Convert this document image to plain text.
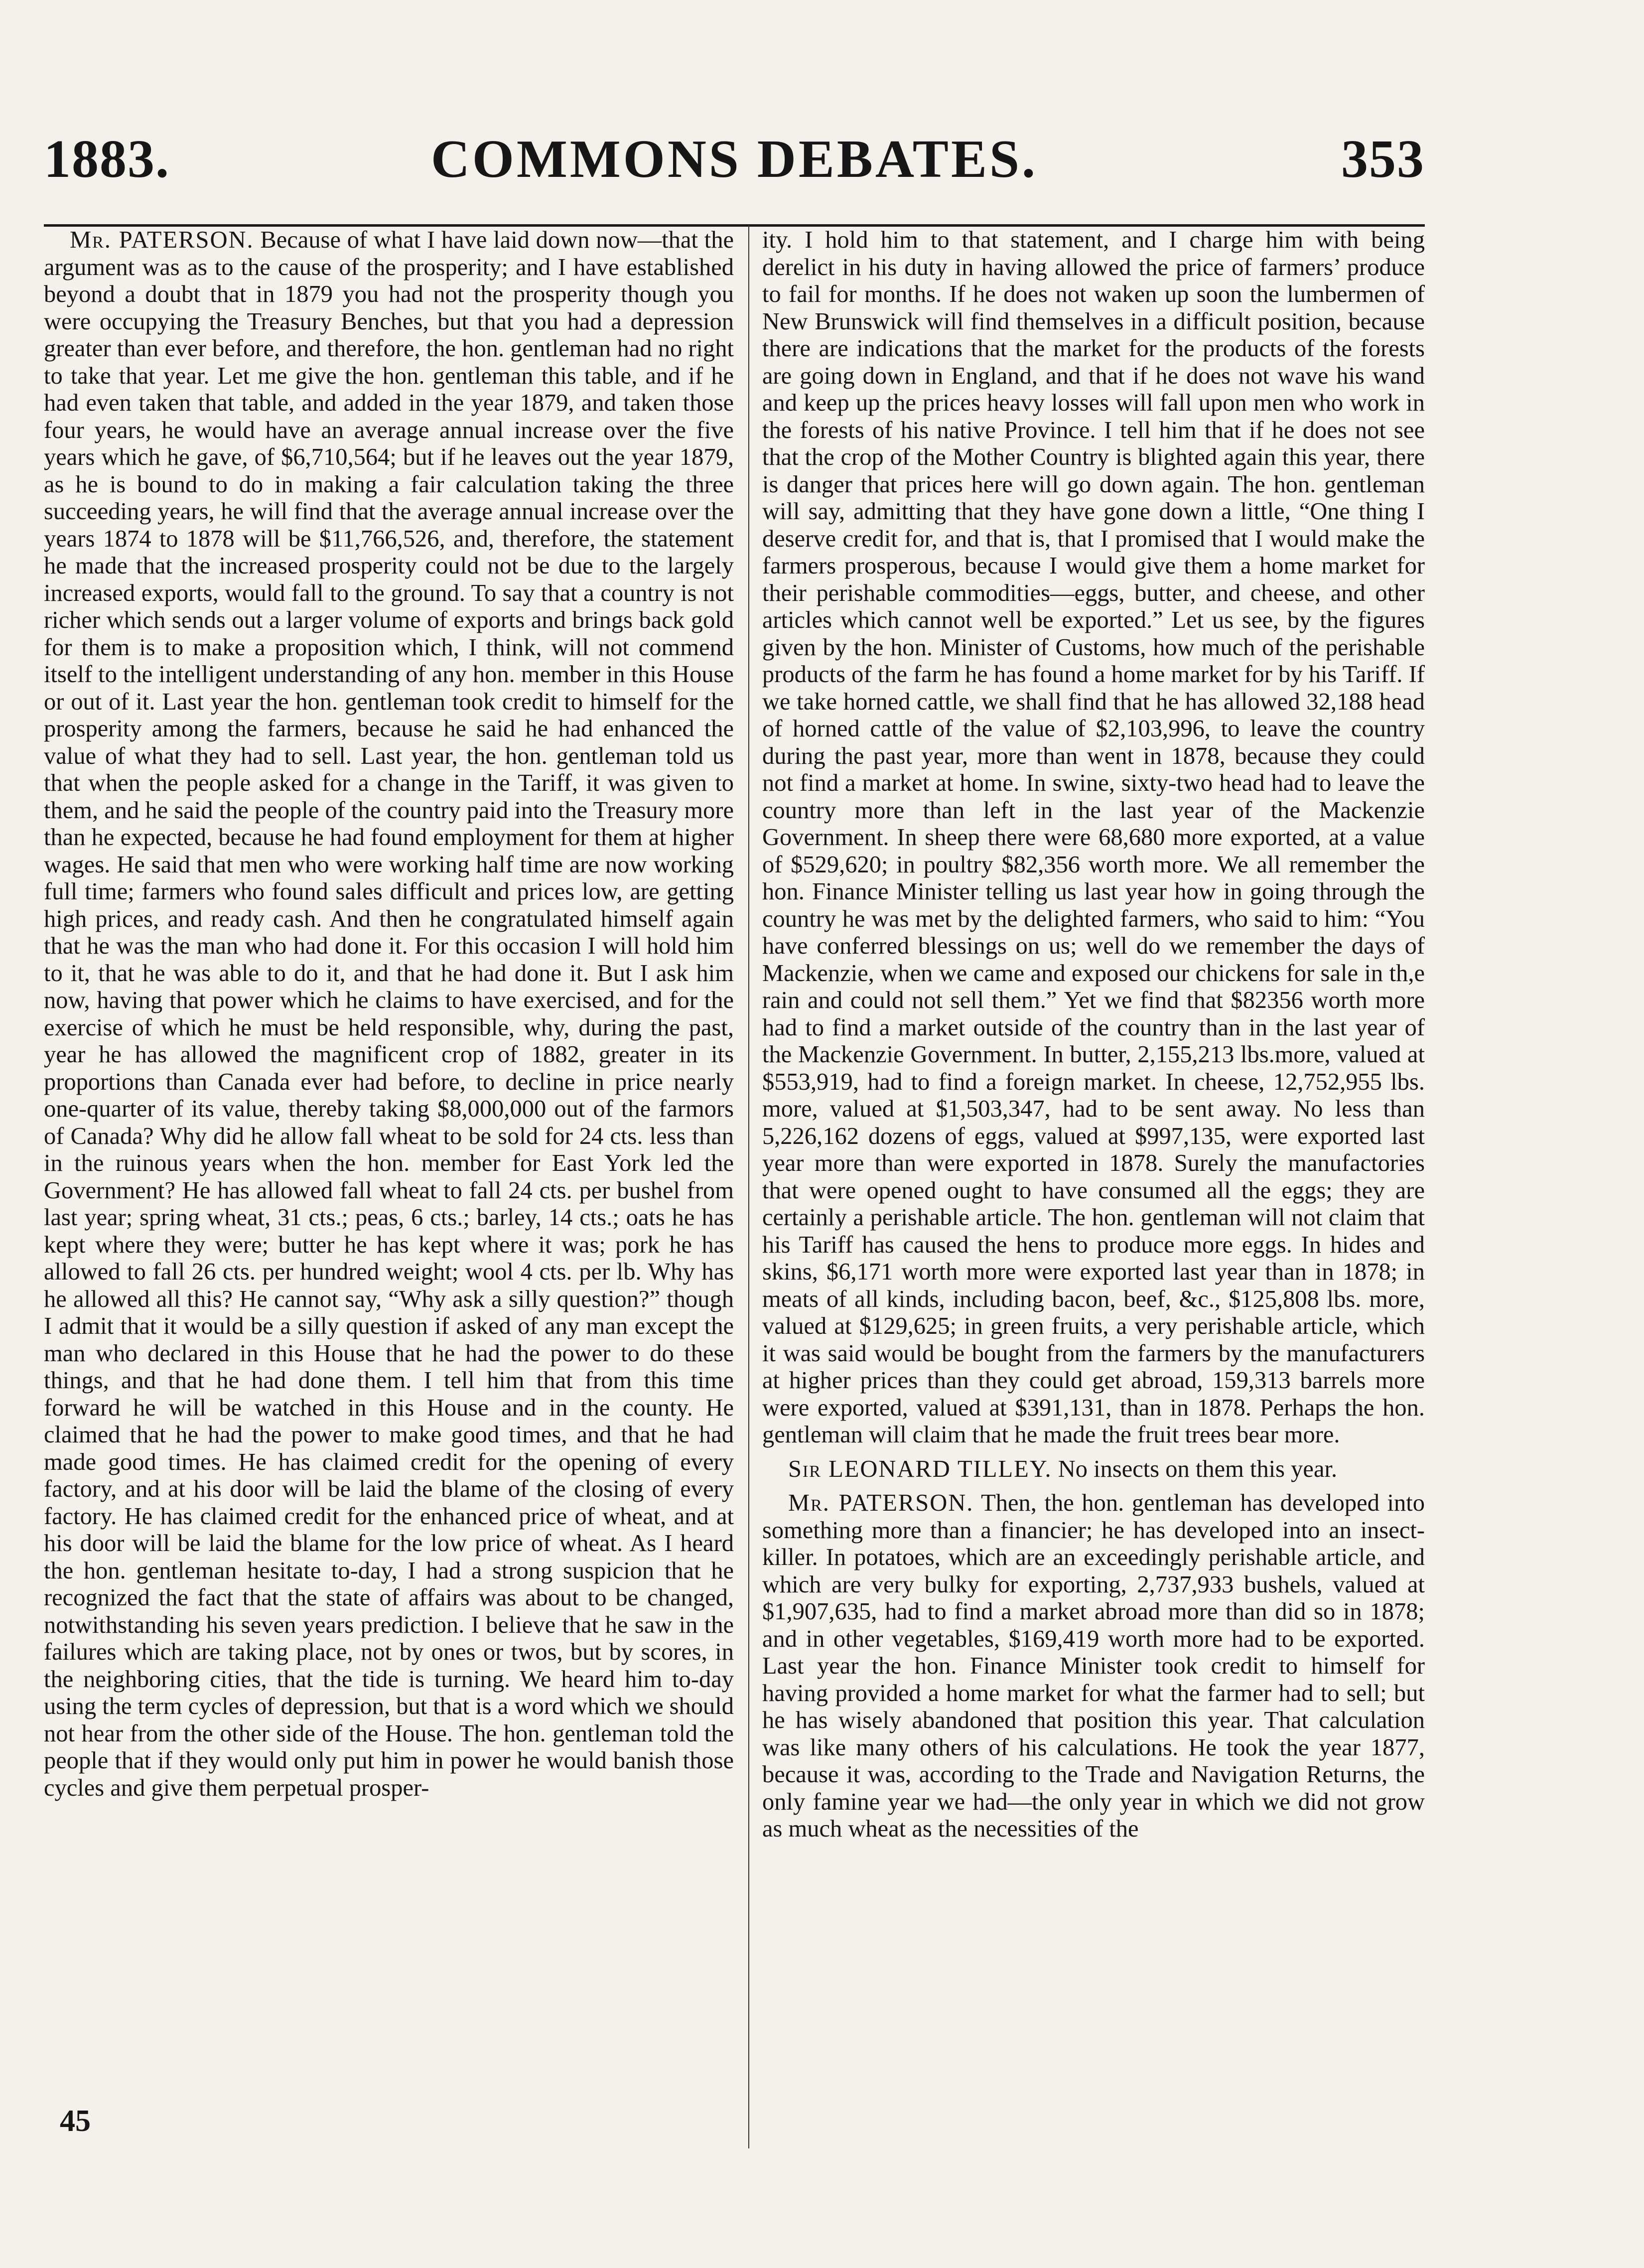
1883.	COMMONS DEBATES.	353

Mr. PATERSON. Because of what I have laid down now—that the argument was as to the cause of the prosperity; and I have established beyond a doubt that in 1879 you had not the prosperity though you were occupying the Treasury Benches, but that you had a depression greater than ever before, and therefore, the hon. gentleman had no right to take that year. Let me give the hon. gentleman this table, and if he had even taken that table, and added in the year 1879, and taken those four years, he would have an average annual increase over the five years which he gave, of $6,710,564; but if he leaves out the year 1879, as he is bound to do in making a fair calculation taking the three succeeding years, he will find that the average annual increase over the years 1874 to 1878 will be $11,766,526, and, therefore, the statement he made that the increased prosperity could not be due to the largely increased exports, would fall to the ground. To say that a country is not richer which sends out a larger volume of exports and brings back gold for them is to make a proposition which, I think, will not commend itself to the intelligent understanding of any hon. member in this House or out of it. Last year the hon. gentleman took credit to himself for the prosperity among the farmers, because he said he had enhanced the value of what they had to sell. Last year, the hon. gentleman told us that when the people asked for a change in the Tariff, it was given to them, and he said the people of the country paid into the Treasury more than he expected, because he had found employment for them at higher wages. He said that men who were working half time are now working full time; farmers who found sales difficult and prices low, are getting high prices, and ready cash. And then he congratulated himself again that he was the man who had done it. For this occasion I will hold him to it, that he was able to do it, and that he had done it. But I ask him now, having that power which he claims to have exercised, and for the exercise of which he must be held responsible, why, during the past, year he has allowed the magnificent crop of 1882, greater in its proportions than Canada ever had before, to decline in price nearly one-quarter of its value, thereby taking $8,000,000 out of the farmors of Canada? Why did he allow fall wheat to be sold for 24 cts. less than in the ruinous years when the hon. member for East York led the Government? He has allowed fall wheat to fall 24 cts. per bushel from last year; spring wheat, 31 cts.; peas, 6 cts.; barley, 14 cts.; oats he has kept where they were; butter he has kept where it was; pork he has allowed to fall 26 cts. per hundred weight; wool 4 cts. per lb. Why has he allowed all this? He cannot say, “Why ask a silly question?” though I admit that it would be a silly question if asked of any man except the man who declared in this House that he had the power to do these things, and that he had done them. I tell him that from this time forward he will be watched in this House and in the county. He claimed that he had the power to make good times, and that he had made good times. He has claimed credit for the opening of every factory, and at his door will be laid the blame of the closing of every factory. He has claimed credit for the enhanced price of wheat, and at his door will be laid the blame for the low price of wheat. As I heard the hon. gentleman hesitate to-day, I had a strong suspicion that he recognized the fact that the state of affairs was about to be changed, notwithstanding his seven years prediction. I believe that he saw in the failures which are taking place, not by ones or twos, but by scores, in the neighboring cities, that the tide is turning. We heard him to-day using the term cycles of depression, but that is a word which we should not hear from the other side of the House. The hon. gentleman told the people that if they would only put him in power he would banish those cycles and give them perpetual prosper-

ity. I hold him to that statement, and I charge him with being derelict in his duty in having allowed the price of farmers’ produce to fail for months. If he does not waken up soon the lumbermen of New Brunswick will find themselves in a difficult position, because there are indications that the market for the products of the forests are going down in England, and that if he does not wave his wand and keep up the prices heavy losses will fall upon men who work in the forests of his native Province. I tell him that if he does not see that the crop of the Mother Country is blighted again this year, there is danger that prices here will go down again. The hon. gentleman will say, admitting that they have gone down a little, “One thing I deserve credit for, and that is, that I promised that I would make the farmers prosperous, because I would give them a home market for their perishable commodities—eggs, butter, and cheese, and other articles which cannot well be exported.” Let us see, by the figures given by the hon. Minister of Customs, how much of the perishable products of the farm he has found a home market for by his Tariff. If we take horned cattle, we shall find that he has allowed 32,188 head of horned cattle of the value of $2,103,996, to leave the country during the past year, more than went in 1878, because they could not find a market at home. In swine, sixty-two head had to leave the country more than left in the last year of the Mackenzie Government. In sheep there were 68,680 more exported, at a value of $529,620; in poultry $82,356 worth more. We all remember the hon. Finance Minister telling us last year how in going through the country he was met by the delighted farmers, who said to him: “You have conferred blessings on us; well do we remember the days of Mackenzie, when we came and exposed our chickens for sale in th,e rain and could not sell them.” Yet we find that $82356 worth more had to find a market outside of the country than in the last year of the Mackenzie Government. In butter, 2,155,213 lbs.more, valued at $553,919, had to find a foreign market. In cheese, 12,752,955 lbs. more, valued at $1,503,347, had to be sent away. No less than 5,226,162 dozens of eggs, valued at $997,135, were exported last year more than were exported in 1878. Surely the manufactories that were opened ought to have consumed all the eggs; they are certainly a perishable article. The hon. gentleman will not claim that his Tariff has caused the hens to produce more eggs. In hides and skins, $6,171 worth more were exported last year than in 1878; in meats of all kinds, including bacon, beef, &c., $125,808 lbs. more, valued at $129,625; in green fruits, a very perishable article, which it was said would be bought from the farmers by the manufacturers at higher prices than they could get abroad, 159,313 barrels more were exported, valued at $391,131, than in 1878. Perhaps the hon. gentleman will claim that he made the fruit trees bear more.

Sir LEONARD TILLEY. No insects on them this year.

Mr. PATERSON. Then, the hon. gentleman has developed into something more than a financier; he has developed into an insect-killer. In potatoes, which are an exceedingly perishable article, and which are very bulky for exporting, 2,737,933 bushels, valued at $1,907,635, had to find a market abroad more than did so in 1878; and in other vegetables, $169,419 worth more had to be exported. Last year the hon. Finance Minister took credit to himself for having provided a home market for what the farmer had to sell; but he has wisely abandoned that position this year. That calculation was like many others of his calculations. He took the year 1877, because it was, according to the Trade and Navigation Returns, the only famine year we had—the only year in which we did not grow as much wheat as the necessities of the

45
